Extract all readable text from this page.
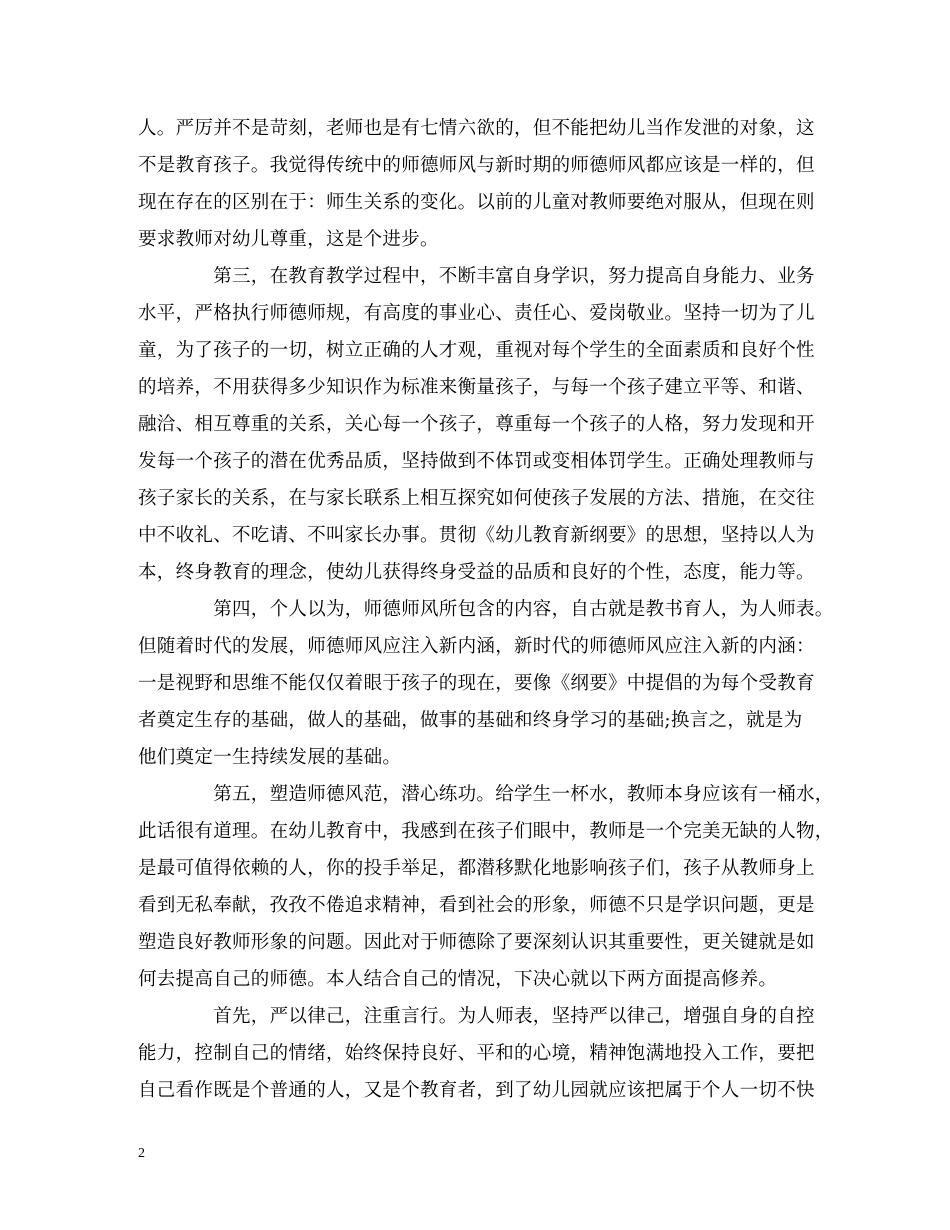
人。严厉并不是苛刻，老师也是有七情六欲的，但不能把幼儿当作发泄的对象，这
不是教育孩子。我觉得传统中的师德师风与新时期的师德师风都应该是一样的，但
现在存在的区别在于：师生关系的变化。以前的儿童对教师要绝对服从，但现在则
要求教师对幼儿尊重，这是个进步。
　　　　第三，在教育教学过程中，不断丰富自身学识，努力提高自身能力、业务
水平，严格执行师德师规，有高度的事业心、责任心、爱岗敬业。坚持一切为了儿
童，为了孩子的一切，树立正确的人才观，重视对每个学生的全面素质和良好个性
的培养，不用获得多少知识作为标准来衡量孩子，与每一个孩子建立平等、和谐、
融洽、相互尊重的关系，关心每一个孩子，尊重每一个孩子的人格，努力发现和开
发每一个孩子的潜在优秀品质，坚持做到不体罚或变相体罚学生。正确处理教师与
孩子家长的关系，在与家长联系上相互探究如何使孩子发展的方法、措施，在交往
中不收礼、不吃请、不叫家长办事。贯彻《幼儿教育新纲要》的思想，坚持以人为
本，终身教育的理念，使幼儿获得终身受益的品质和良好的个性，态度，能力等。
　　　　第四，个人以为，师德师风所包含的内容，自古就是教书育人，为人师表。
但随着时代的发展，师德师风应注入新内涵，新时代的师德师风应注入新的内涵：
一是视野和思维不能仅仅着眼于孩子的现在，要像《纲要》中提倡的为每个受教育
者奠定生存的基础，做人的基础，做事的基础和终身学习的基础;换言之，就是为
他们奠定一生持续发展的基础。
　　　　第五，塑造师德风范，潜心练功。给学生一杯水，教师本身应该有一桶水，
此话很有道理。在幼儿教育中，我感到在孩子们眼中，教师是一个完美无缺的人物，
是最可值得依赖的人，你的投手举足，都潜移默化地影响孩子们，孩子从教师身上
看到无私奉献，孜孜不倦追求精神，看到社会的形象，师德不只是学识问题，更是
塑造良好教师形象的问题。因此对于师德除了要深刻认识其重要性，更关键就是如
何去提高自己的师德。本人结合自己的情况，下决心就以下两方面提高修养。
　　　　首先，严以律己，注重言行。为人师表，坚持严以律己，增强自身的自控
能力，控制自己的情绪，始终保持良好、平和的心境，精神饱满地投入工作，要把
自己看作既是个普通的人，又是个教育者，到了幼儿园就应该把属于个人一切不快
2
